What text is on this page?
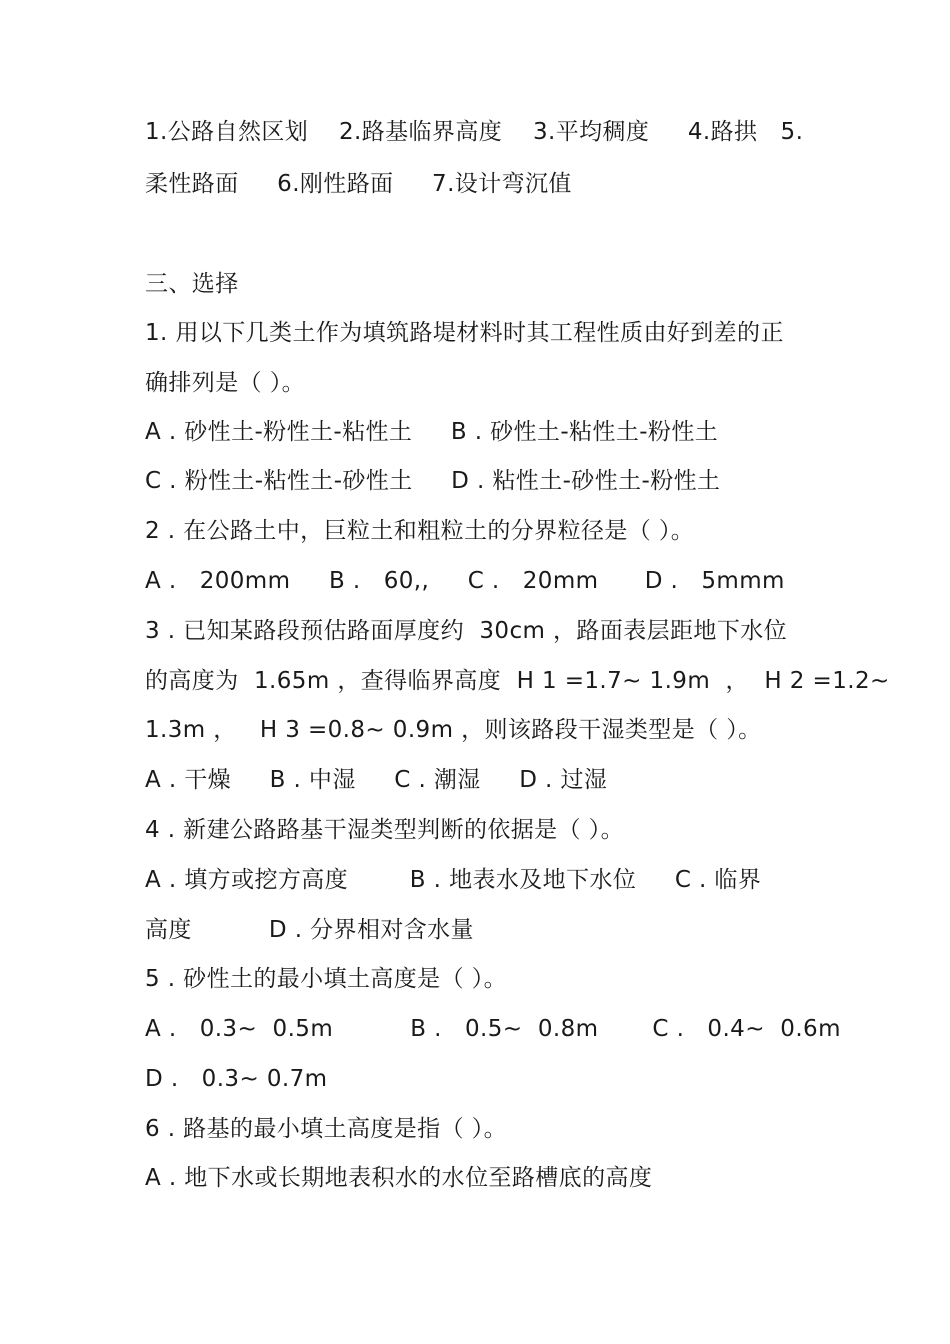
1.公路自然区划    2.路基临界高度    3.平均稠度     4.路拱   5.
柔性路面     6.刚性路面     7.设计弯沉值
三、选择
1. 用以下几类土作为填筑路堤材料时其工程性质由好到差的正
确排列是（ ）。
A . 砂性土-粉性土-粘性土     B . 砂性土-粘性土-粉性土
C . 粉性土-粘性土-砂性土     D . 粘性土-砂性土-粉性土
2 . 在公路土中，巨粒土和粗粒土的分界粒径是（ ）。
A .   200mm     B .   60,,     C .   20mm      D .   5mmm
3 . 已知某路段预估路面厚度约  30cm ，路面表层距地下水位
的高度为  1.65m ，查得临界高度  H 1 =1.7~ 1.9m  ，  H 2 =1.2~
1.3m ，   H 3 =0.8~ 0.9m ，则该路段干湿类型是（ ）。
A . 干燥     B . 中湿     C . 潮湿     D . 过湿
4 . 新建公路路基干湿类型判断的依据是（ ）。
A . 填方或挖方高度        B . 地表水及地下水位     C . 临界
高度          D . 分界相对含水量
5 . 砂性土的最小填土高度是（ ）。
A .   0.3~  0.5m          B .   0.5~  0.8m       C .   0.4~  0.6m
D .   0.3~ 0.7m
6 . 路基的最小填土高度是指（ ）。
A . 地下水或长期地表积水的水位至路槽底的高度
